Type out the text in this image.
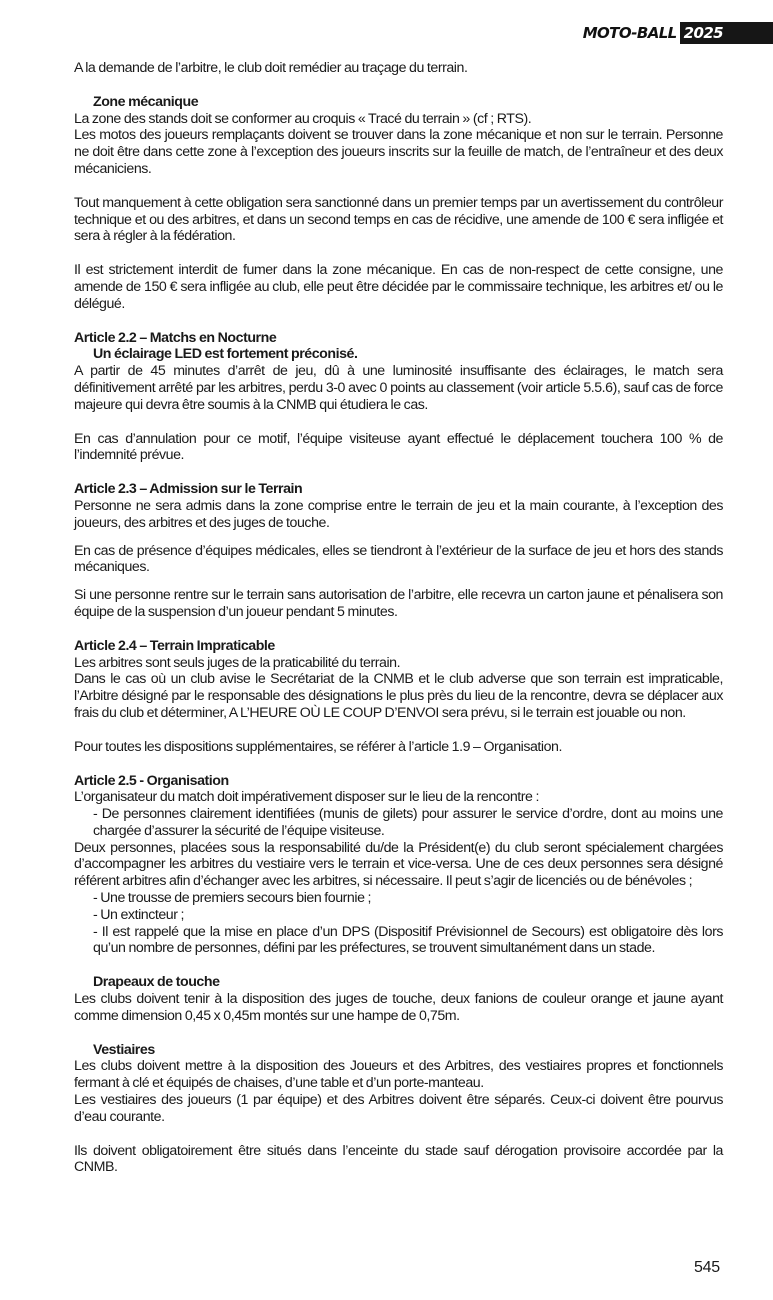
MOTO-BALL 2025

A la demande de l’arbitre, le club doit remédier au traçage du terrain.

Zone mécanique

La zone des stands doit se conformer au croquis « Tracé du terrain » (cf ; RTS).

Les motos des joueurs remplaçants doivent se trouver dans la zone mécanique et non sur le terrain. Personne ne doit être dans cette zone à l’exception des joueurs inscrits sur la feuille de match, de l’entraîneur et des deux mécaniciens.

Tout manquement à cette obligation sera sanctionné dans un premier temps par un avertissement du contrôleur technique et ou des arbitres, et dans un second temps en cas de récidive, une amende de 100 € sera infligée et sera à régler à la fédération.

Il est strictement interdit de fumer dans la zone mécanique. En cas de non-respect de cette consigne, une amende de 150 € sera infligée au club, elle peut être décidée par le commissaire technique, les arbitres et/ ou le délégué.

Article 2.2 – Matchs en Nocturne
Un éclairage LED est fortement préconisé.

A partir de 45 minutes d’arrêt de jeu, dû à une luminosité insuffisante des éclairages, le match sera définitivement arrêté par les arbitres, perdu 3-0 avec 0 points au classement (voir article 5.5.6), sauf cas de force majeure qui devra être soumis à la CNMB qui étudiera le cas.

En cas d’annulation pour ce motif, l’équipe visiteuse ayant effectué le déplacement touchera 100 % de l’indemnité prévue.

Article 2.3 – Admission sur le Terrain

Personne ne sera admis dans la zone comprise entre le terrain de jeu et la main courante, à l’exception des joueurs, des arbitres et des juges de touche.

En cas de présence d’équipes médicales, elles se tiendront à l’extérieur de la surface de jeu et hors des stands mécaniques.

Si une personne rentre sur le terrain sans autorisation de l’arbitre, elle recevra un carton jaune et pénalisera son équipe de la suspension d’un joueur pendant 5 minutes.

Article 2.4 – Terrain Impraticable

Les arbitres sont seuls juges de la praticabilité du terrain.

Dans le cas où un club avise le Secrétariat de la CNMB et le club adverse que son terrain est impraticable, l’Arbitre désigné par le responsable des désignations le plus près du lieu de la rencontre, devra se déplacer aux frais du club et déterminer, A L’HEURE OÙ LE COUP D’ENVOI sera prévu, si le terrain est jouable ou non.

Pour toutes les dispositions supplémentaires, se référer à l’article 1.9 – Organisation.

Article 2.5 - Organisation

L’organisateur du match doit impérativement disposer sur le lieu de la rencontre :

- De personnes clairement identifiées (munis de gilets) pour assurer le service d’ordre, dont au moins une chargée d’assurer la sécurité de l’équipe visiteuse.

Deux personnes, placées sous la responsabilité du/de la Président(e) du club seront spécialement chargées d’accompagner les arbitres du vestiaire vers le terrain et vice-versa. Une de ces deux personnes sera désigné référent arbitres afin d’échanger avec les arbitres, si nécessaire. Il peut s’agir de licenciés ou de bénévoles ;

- Une trousse de premiers secours bien fournie ;

- Un extincteur ;

- Il est rappelé que la mise en place d’un DPS (Dispositif Prévisionnel de Secours) est obligatoire dès lors qu’un nombre de personnes, défini par les préfectures, se trouvent simultanément dans un stade.

Drapeaux de touche

Les clubs doivent tenir à la disposition des juges de touche, deux fanions de couleur orange et jaune ayant comme dimension 0,45 x 0,45m montés sur une hampe de 0,75m.

Vestiaires

Les clubs doivent mettre à la disposition des Joueurs et des Arbitres, des vestiaires propres et fonctionnels fermant à clé et équipés de chaises, d’une table et d’un porte-manteau.

Les vestiaires des joueurs (1 par équipe) et des Arbitres doivent être séparés. Ceux-ci doivent être pourvus d’eau courante.

Ils doivent obligatoirement être situés dans l’enceinte du stade sauf dérogation provisoire accordée par la CNMB.

545
